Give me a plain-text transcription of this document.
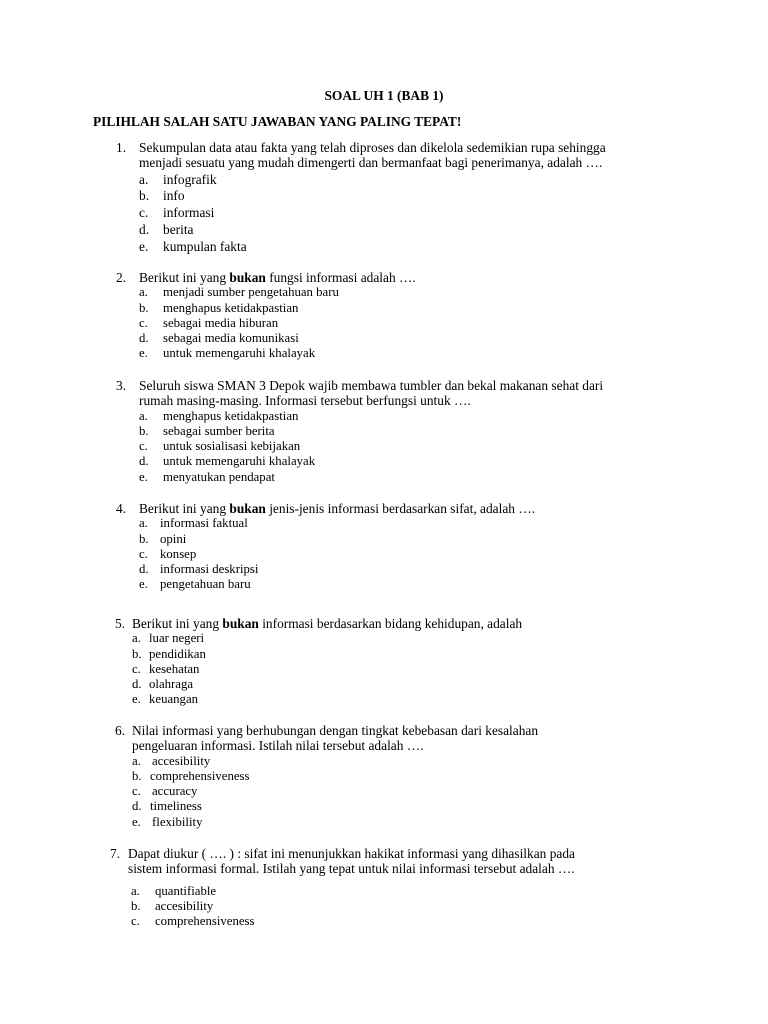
SOAL UH 1 (BAB 1)
PILIHLAH SALAH SATU JAWABAN YANG PALING TEPAT!
1. Sekumpulan data atau fakta yang telah diproses dan dikelola sedemikian rupa sehingga
menjadi sesuatu yang mudah dimengerti dan bermanfaat bagi penerimanya, adalah ….
a. infografik
b. info
c. informasi
d. berita
e. kumpulan fakta
2. Berikut ini yang bukan fungsi informasi adalah ….
a. menjadi sumber pengetahuan baru
b. menghapus ketidakpastian
c. sebagai media hiburan
d. sebagai media komunikasi
e. untuk memengaruhi khalayak
3. Seluruh siswa SMAN 3 Depok wajib membawa tumbler dan bekal makanan sehat dari
rumah masing-masing. Informasi tersebut berfungsi untuk ….
a. menghapus ketidakpastian
b. sebagai sumber berita
c. untuk sosialisasi kebijakan
d. untuk memengaruhi khalayak
e. menyatukan pendapat
4. Berikut ini yang bukan jenis-jenis informasi berdasarkan sifat, adalah ….
a. informasi faktual
b. opini
c. konsep
d. informasi deskripsi
e. pengetahuan baru
5. Berikut ini yang bukan informasi berdasarkan bidang kehidupan, adalah
a. luar negeri
b. pendidikan
c. kesehatan
d. olahraga
e. keuangan
6. Nilai informasi yang berhubungan dengan tingkat kebebasan dari kesalahan
pengeluaran informasi. Istilah nilai tersebut adalah ….
a. accesibility
b. comprehensiveness
c. accuracy
d. timeliness
e. flexibility
7. Dapat diukur ( …. ) : sifat ini menunjukkan hakikat informasi yang dihasilkan pada
sistem informasi formal. Istilah yang tepat untuk nilai informasi tersebut adalah ….
a. quantifiable
b. accesibility
c. comprehensiveness
